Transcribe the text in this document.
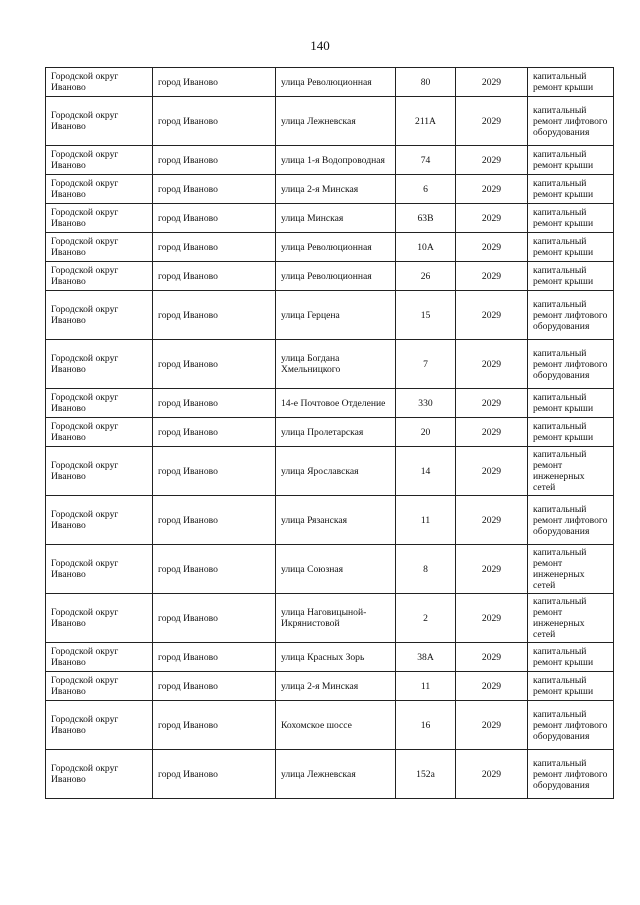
140
Городской округ Иваново	город Иваново	улица Революционная	80	2029	капитальный ремонт крыши
Городской округ Иваново	город Иваново	улица Лежневская	211А	2029	капитальный ремонт лифтового оборудования
Городской округ Иваново	город Иваново	улица 1-я Водопроводная	74	2029	капитальный ремонт крыши
Городской округ Иваново	город Иваново	улица 2-я Минская	6	2029	капитальный ремонт крыши
Городской округ Иваново	город Иваново	улица Минская	63В	2029	капитальный ремонт крыши
Городской округ Иваново	город Иваново	улица Революционная	10А	2029	капитальный ремонт крыши
Городской округ Иваново	город Иваново	улица Революционная	26	2029	капитальный ремонт крыши
Городской округ Иваново	город Иваново	улица Герцена	15	2029	капитальный ремонт лифтового оборудования
Городской округ Иваново	город Иваново	улица Богдана Хмельницкого	7	2029	капитальный ремонт лифтового оборудования
Городской округ Иваново	город Иваново	14-е Почтовое Отделение	330	2029	капитальный ремонт крыши
Городской округ Иваново	город Иваново	улица Пролетарская	20	2029	капитальный ремонт крыши
Городской округ Иваново	город Иваново	улица Ярославская	14	2029	капитальный ремонт инженерных сетей
Городской округ Иваново	город Иваново	улица Рязанская	11	2029	капитальный ремонт лифтового оборудования
Городской округ Иваново	город Иваново	улица Союзная	8	2029	капитальный ремонт инженерных сетей
Городской округ Иваново	город Иваново	улица Наговицыной-Икрянистовой	2	2029	капитальный ремонт инженерных сетей
Городской округ Иваново	город Иваново	улица Красных Зорь	38А	2029	капитальный ремонт крыши
Городской округ Иваново	город Иваново	улица 2-я Минская	11	2029	капитальный ремонт крыши
Городской округ Иваново	город Иваново	Кохомское шоссе	16	2029	капитальный ремонт лифтового оборудования
Городской округ Иваново	город Иваново	улица Лежневская	152а	2029	капитальный ремонт лифтового оборудования
